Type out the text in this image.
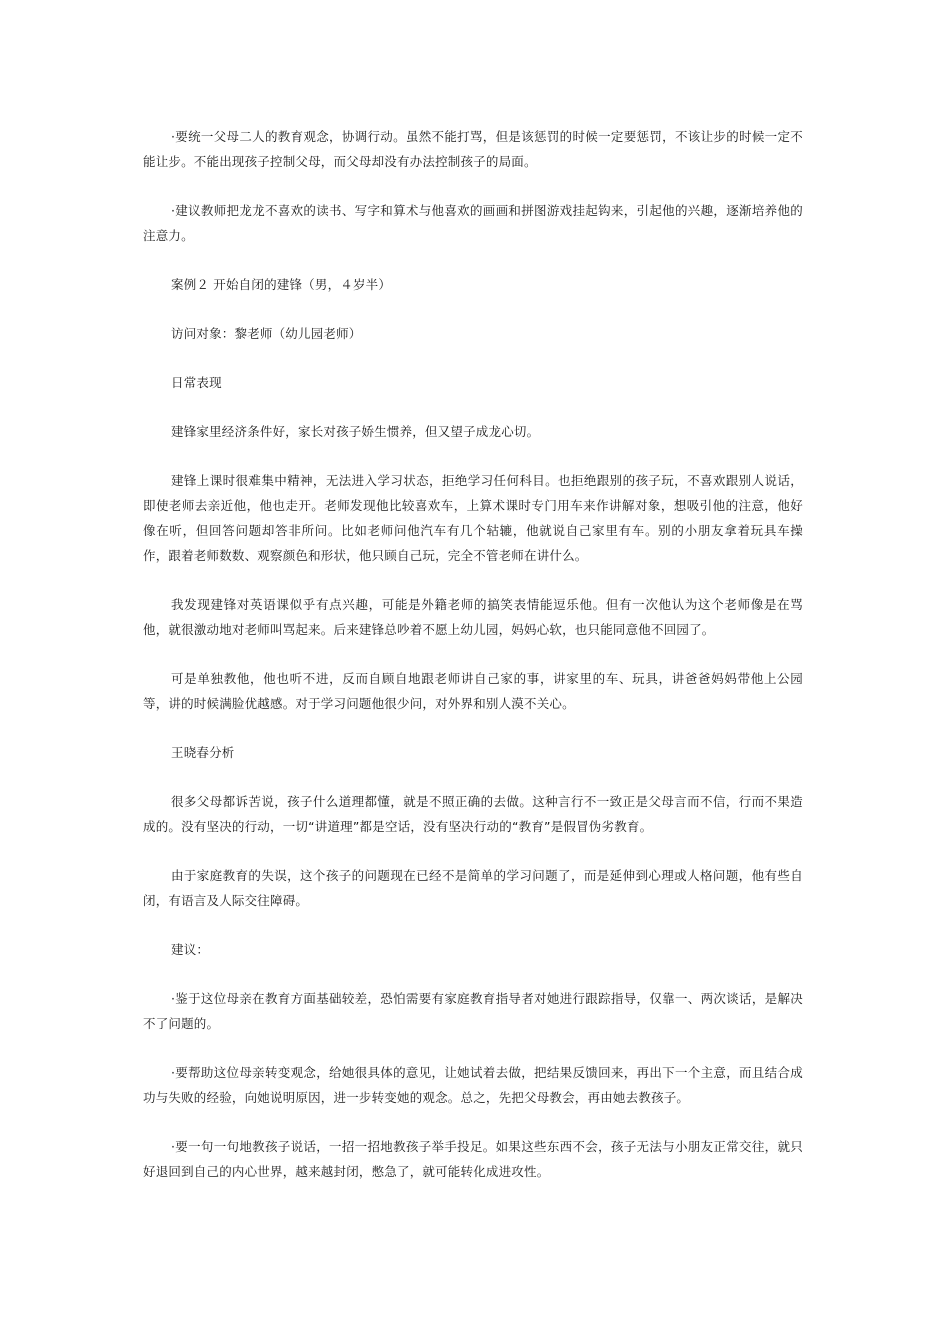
·要统一父母二人的教育观念，协调行动。虽然不能打骂，但是该惩罚的时候一定要惩罚，不该让步的时候一定不能让步。不能出现孩子控制父母，而父母却没有办法控制孩子的局面。

·建议教师把龙龙不喜欢的读书、写字和算术与他喜欢的画画和拼图游戏挂起钩来，引起他的兴趣，逐渐培养他的注意力。

案例２ 开始自闭的建锋（男，４岁半）

访问对象：黎老师（幼儿园老师）

日常表现

建锋家里经济条件好，家长对孩子娇生惯养，但又望子成龙心切。

建锋上课时很难集中精神，无法进入学习状态，拒绝学习任何科目。也拒绝跟别的孩子玩，不喜欢跟别人说话，即使老师去亲近他，他也走开。老师发现他比较喜欢车，上算术课时专门用车来作讲解对象，想吸引他的注意，他好像在听，但回答问题却答非所问。比如老师问他汽车有几个轱辘，他就说自己家里有车。别的小朋友拿着玩具车操作，跟着老师数数、观察颜色和形状，他只顾自己玩，完全不管老师在讲什么。

我发现建锋对英语课似乎有点兴趣，可能是外籍老师的搞笑表情能逗乐他。但有一次他认为这个老师像是在骂他，就很激动地对老师叫骂起来。后来建锋总吵着不愿上幼儿园，妈妈心软，也只能同意他不回园了。

可是单独教他，他也听不进，反而自顾自地跟老师讲自己家的事，讲家里的车、玩具，讲爸爸妈妈带他上公园等，讲的时候满脸优越感。对于学习问题他很少问，对外界和别人漠不关心。

王晓春分析

很多父母都诉苦说，孩子什么道理都懂，就是不照正确的去做。这种言行不一致正是父母言而不信，行而不果造成的。没有坚决的行动，一切“讲道理”都是空话，没有坚决行动的“教育”是假冒伪劣教育。

由于家庭教育的失误，这个孩子的问题现在已经不是简单的学习问题了，而是延伸到心理或人格问题，他有些自闭，有语言及人际交往障碍。

建议：

·鉴于这位母亲在教育方面基础较差，恐怕需要有家庭教育指导者对她进行跟踪指导，仅靠一、两次谈话，是解决不了问题的。

·要帮助这位母亲转变观念，给她很具体的意见，让她试着去做，把结果反馈回来，再出下一个主意，而且结合成功与失败的经验，向她说明原因，进一步转变她的观念。总之，先把父母教会，再由她去教孩子。

·要一句一句地教孩子说话，一招一招地教孩子举手投足。如果这些东西不会，孩子无法与小朋友正常交往，就只好退回到自己的内心世界，越来越封闭，憋急了，就可能转化成进攻性。
